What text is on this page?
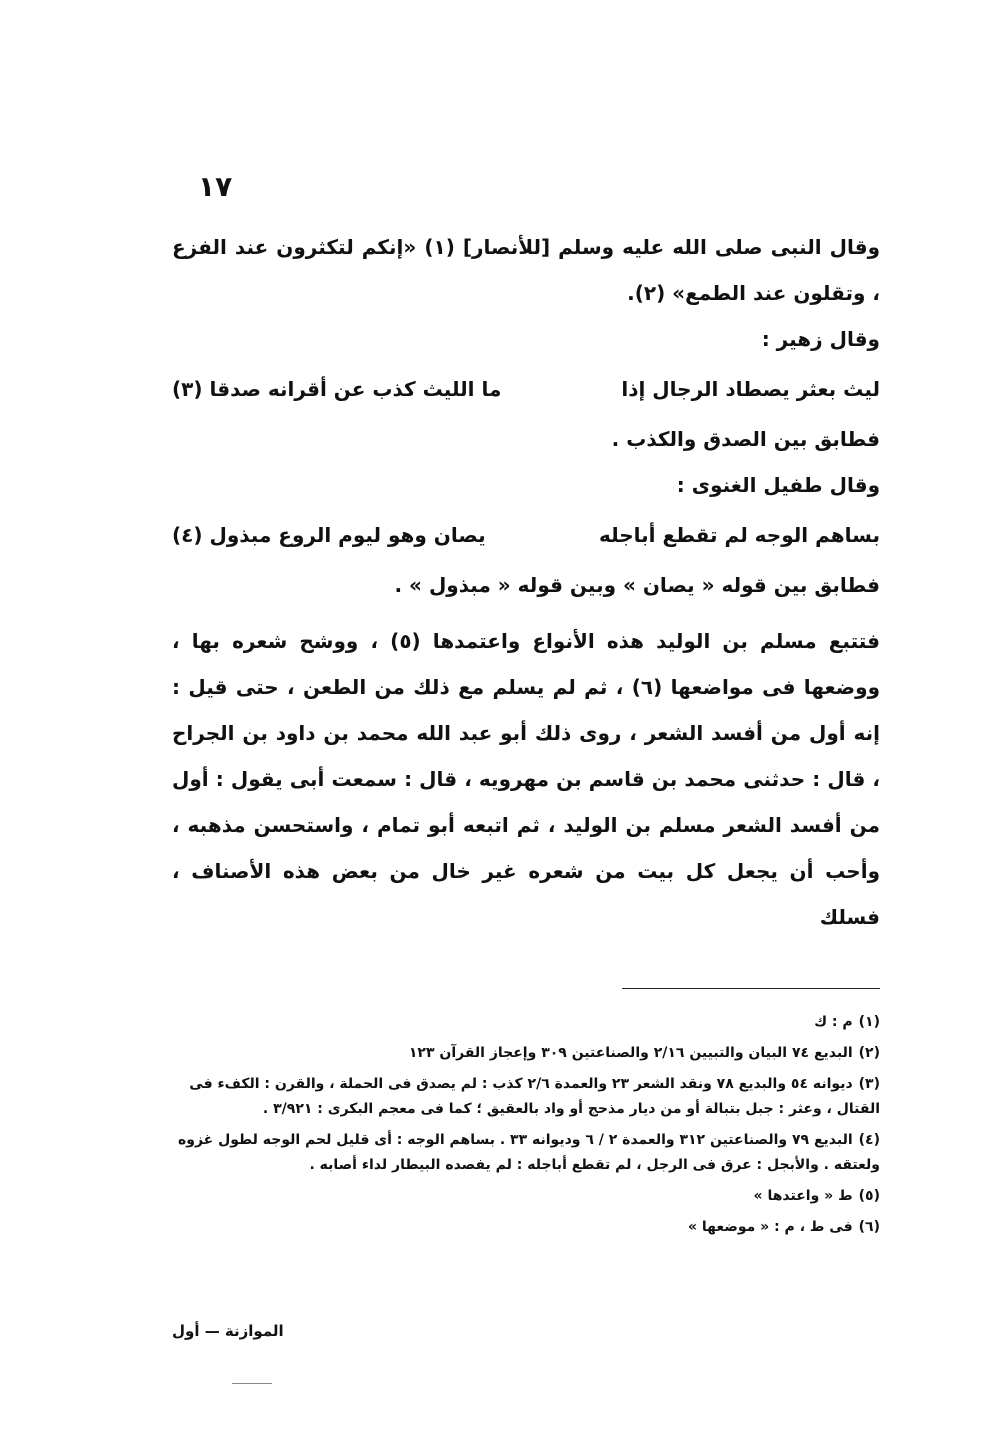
١٧

وقال النبى صلى الله عليه وسلم [للأنصار] (١) «إنكم لتكثرون عند الفزع ، وتقلون عند الطمع» (٢).

وقال زهير :

ليث بعثر يصطاد الرجال إذا
ما الليث كذب عن أقرانه صدقا (٣)

فطابق بين الصدق والكذب .

وقال طفيل الغنوى :

بساهم الوجه لم تقطع أباجله
يصان وهو ليوم الروع مبذول (٤)

فطابق بين قوله « يصان » وبين قوله « مبذول » .

فتتبع مسلم بن الوليد هذه الأنواع واعتمدها (٥) ، ووشح شعره بها ، ووضعها فى مواضعها (٦) ، ثم لم يسلم مع ذلك من الطعن ، حتى قيل : إنه أول من أفسد الشعر ، روى ذلك أبو عبد الله محمد بن داود بن الجراح ، قال : حدثنى محمد بن قاسم بن مهرويه ، قال : سمعت أبى يقول : أول من أفسد الشعر مسلم بن الوليد ، ثم اتبعه أبو تمام ، واستحسن مذهبه ، وأحب أن يجعل كل بيت من شعره غير خال من بعض هذه الأصناف ، فسلك

(١)م : ك

(٢)البديع ٧٤ البيان والتبيين ٢/١٦ والصناعتين ٣٠٩ وإعجاز القرآن ١٢٣

(٣)ديوانه ٥٤ والبديع ٧٨ ونقد الشعر ٢٣ والعمدة ٢/٦ كذب : لم يصدق فى الحملة ، والقرن : الكفء فى القتال ، وعثر : جبل بتبالة أو من ديار مذحج أو واد بالعقيق ؛ كما فى معجم البكرى : ٣/٩٢١ .

(٤)البديع ٧٩ والصناعتين ٣١٢ والعمدة ٢ / ٦ وديوانه ٣٣ . بساهم الوجه : أى قليل لحم الوجه لطول غزوه ولعتقه . والأبجل : عرق فى الرجل ، لم تقطع أباجله : لم يفصده البيطار لداء أصابه .

(٥)ط « واعتدها »

(٦)فى ط ، م : « موضعها »

الموازنة — أول
